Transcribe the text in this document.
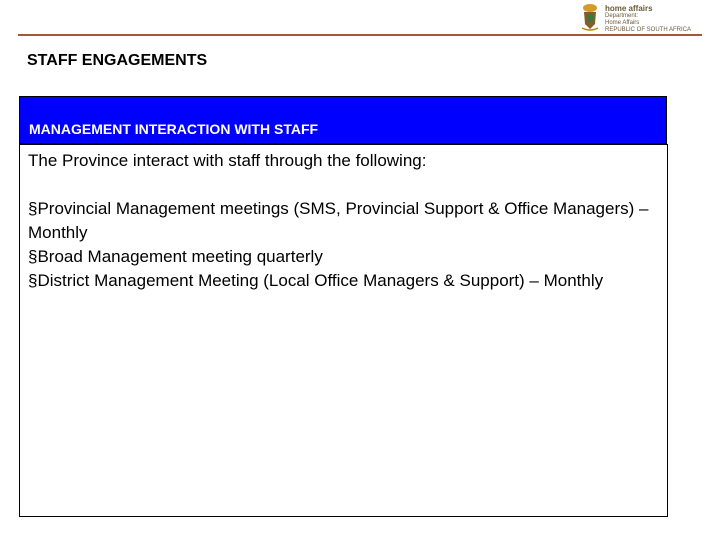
home affairs
Department:
Home Affairs
REPUBLIC OF SOUTH AFRICA
STAFF ENGAGEMENTS
MANAGEMENT INTERACTION WITH STAFF
The Province interact with staff through the following:
§Provincial Management meetings (SMS, Provincial Support & Office Managers) – Monthly
§Broad Management meeting quarterly
§District Management Meeting (Local Office Managers & Support) – Monthly
